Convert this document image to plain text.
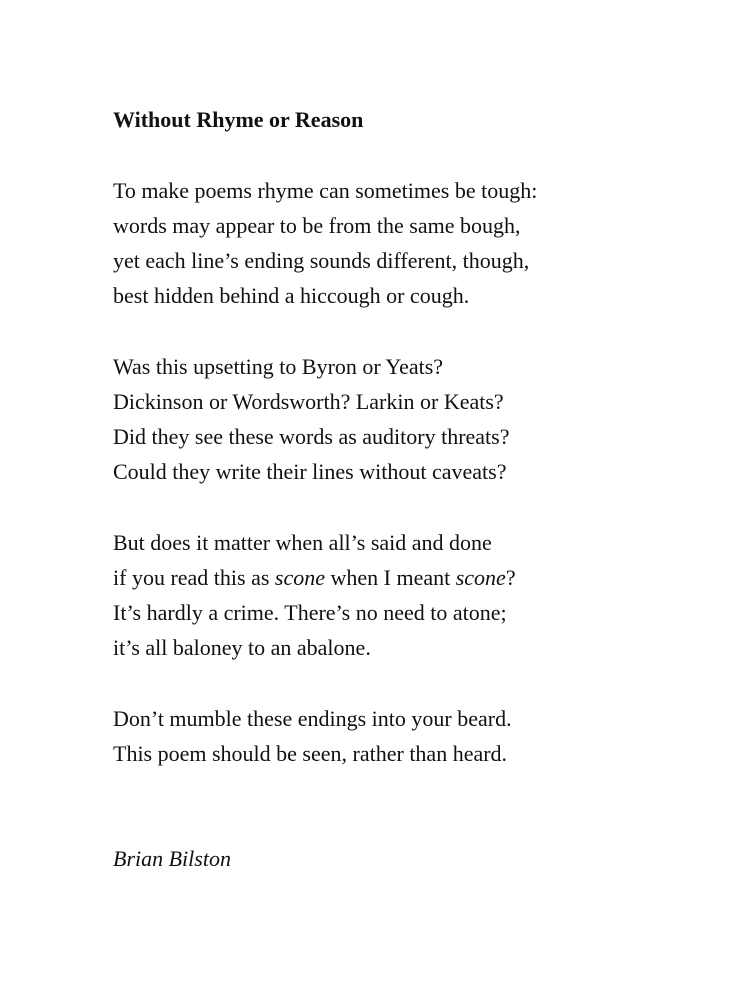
Without Rhyme or Reason
To make poems rhyme can sometimes be tough:
words may appear to be from the same bough,
yet each line’s ending sounds different, though,
best hidden behind a hiccough or cough.
Was this upsetting to Byron or Yeats?
Dickinson or Wordsworth? Larkin or Keats?
Did they see these words as auditory threats?
Could they write their lines without caveats?
But does it matter when all’s said and done
if you read this as scone when I meant scone?
It’s hardly a crime. There’s no need to atone;
it’s all baloney to an abalone.
Don’t mumble these endings into your beard.
This poem should be seen, rather than heard.
Brian Bilston
